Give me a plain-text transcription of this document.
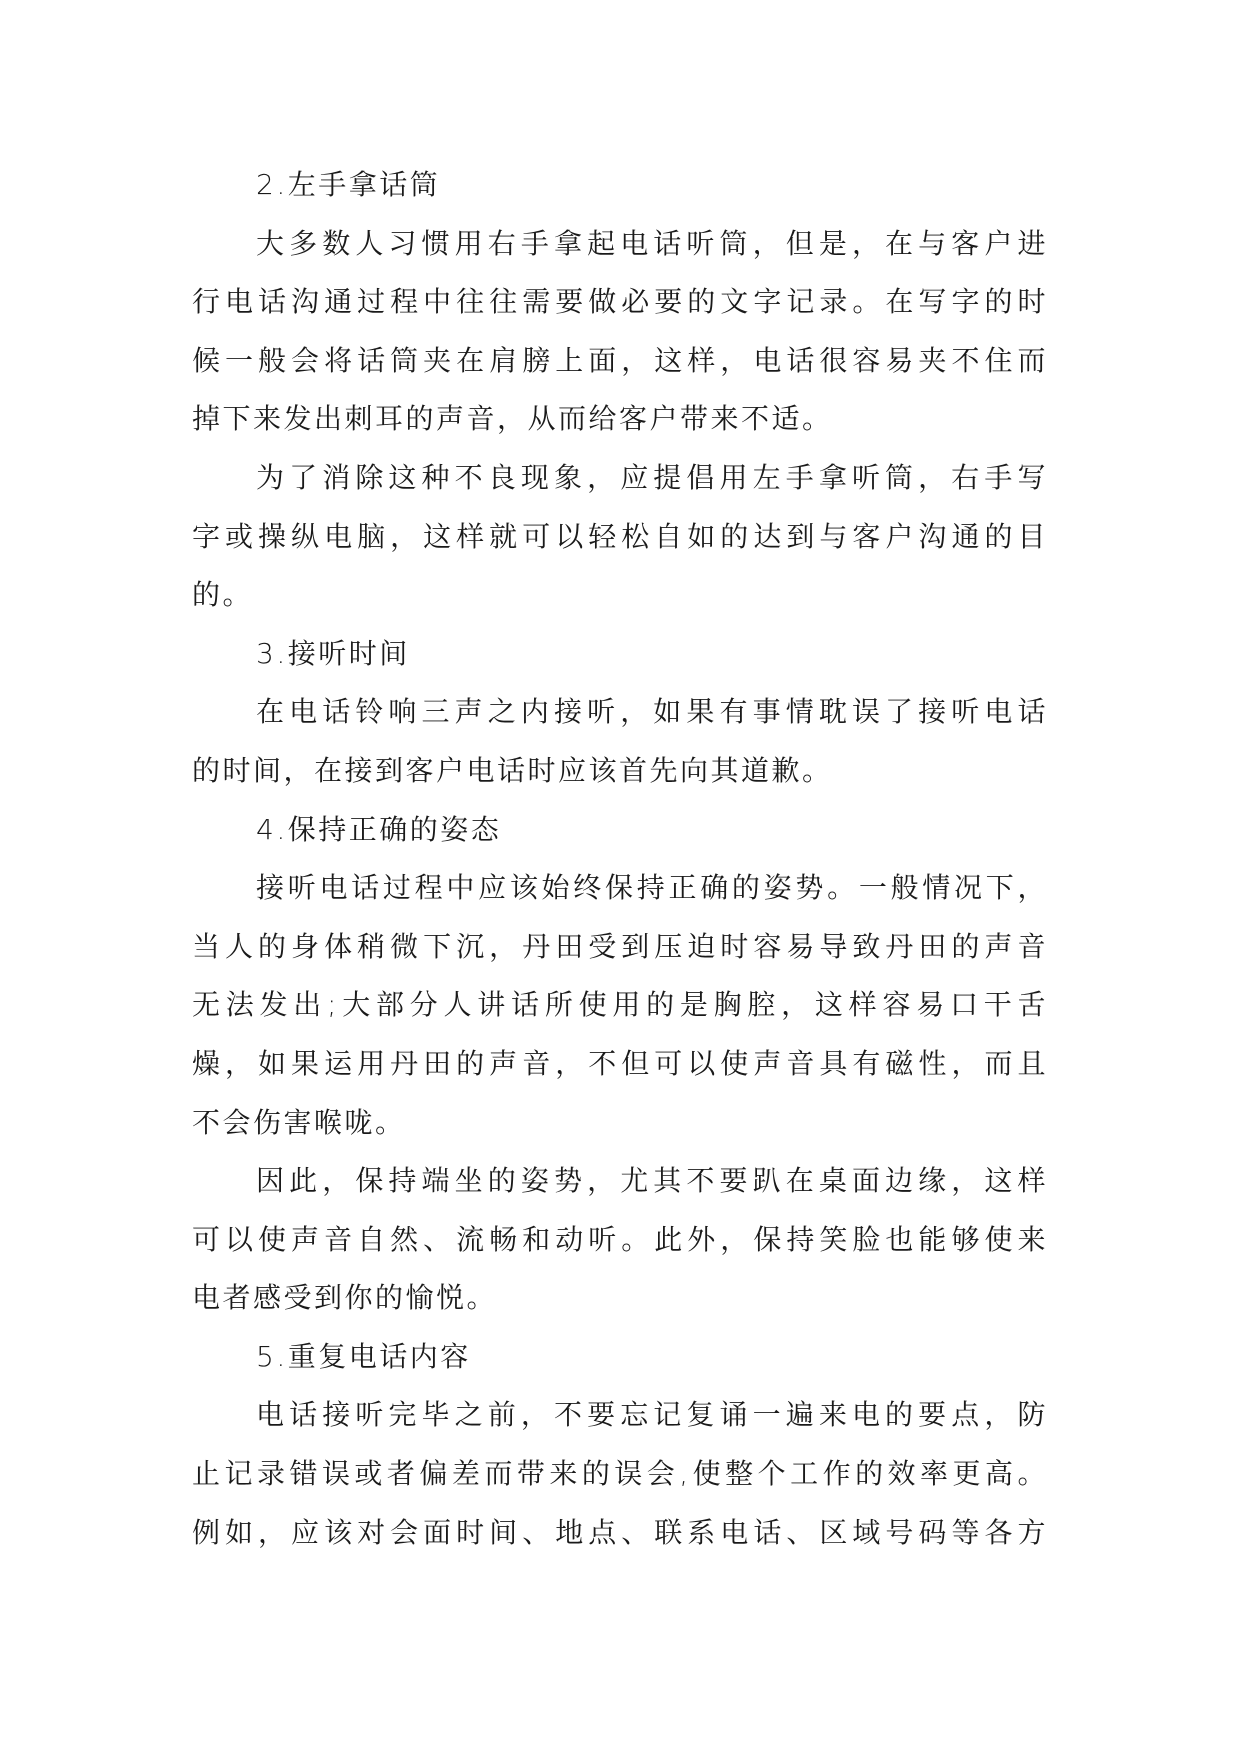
2.左手拿话筒
大多数人习惯用右手拿起电话听筒，但是，在与客户进
行电话沟通过程中往往需要做必要的文字记录。在写字的时
候一般会将话筒夹在肩膀上面，这样，电话很容易夹不住而
掉下来发出刺耳的声音，从而给客户带来不适。
为了消除这种不良现象，应提倡用左手拿听筒，右手写
字或操纵电脑，这样就可以轻松自如的达到与客户沟通的目
的。
3.接听时间
在电话铃响三声之内接听，如果有事情耽误了接听电话
的时间，在接到客户电话时应该首先向其道歉。
4.保持正确的姿态
接听电话过程中应该始终保持正确的姿势。一般情况下，
当人的身体稍微下沉，丹田受到压迫时容易导致丹田的声音
无法发出;大部分人讲话所使用的是胸腔，这样容易口干舌
燥，如果运用丹田的声音，不但可以使声音具有磁性，而且
不会伤害喉咙。
因此，保持端坐的姿势，尤其不要趴在桌面边缘，这样
可以使声音自然、流畅和动听。此外，保持笑脸也能够使来
电者感受到你的愉悦。
5.重复电话内容
电话接听完毕之前，不要忘记复诵一遍来电的要点，防
止记录错误或者偏差而带来的误会,使整个工作的效率更高。
例如，应该对会面时间、地点、联系电话、区域号码等各方
